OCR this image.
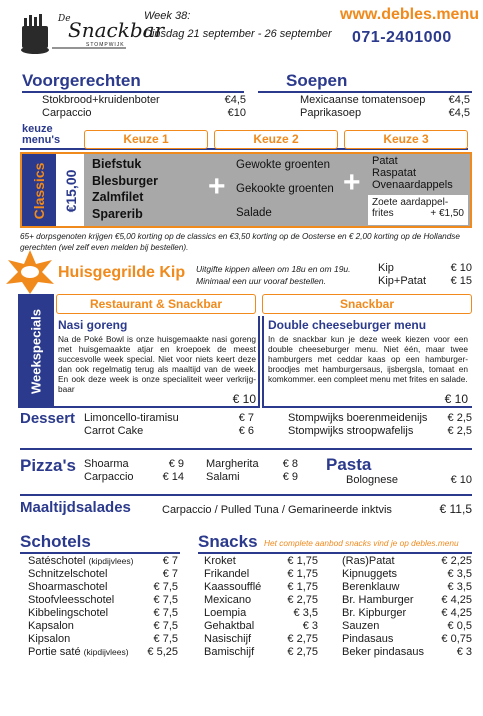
De
Snackbar
STOMPWIJK
Week 38:
Dinsdag 21 september - 26 september
www.debles.menu
071-2401000
Voorgerechten
Stokbrood+kruidenboter	€4,5
Carpaccio	€10
Soepen
Mexicaanse tomatensoep €4,5
Paprikasoep	€4,5
keuze
menu's	Keuze 1	Keuze 2	Keuze 3
Classics €15,00
Biefstuk
Blesburger
Zalmfilet
Sparerib
+
Gewokte groenten
Gekookte groenten
Salade
+
Patat
Raspatat
Ovenaardappels
Zoete aardappel-
frites	+ €1,50
65+ dorpsgenoten krijgen €5,00 korting op de classics en €3,50 korting op de Oosterse en € 2,00 korting op de Hollandse gerechten (wel zelf even melden bij bestellen).
Huisgegrilde Kip Uitgifte kippen alleen om 18u en om 19u.
Minimaal een uur vooraf bestellen.
Kip	€ 10
Kip+Patat € 15
Weekspecials
Restaurant & Snackbar	Snackbar
Nasi goreng
Na de Poké Bowl is onze huisgemaakte nasi goreng met huisgemaakte atjar en kroepoek de meest succesvolle week special. Niet voor niets keert deze dan ook regelmatig terug als maaltijd van de week. En ook deze week is onze specialiteit weer verkrijg-baar
€ 10
Double cheeseburger menu
In de snackbar kun je deze week kiezen voor een double cheeseburger menu. Niet één, maar twee hamburgers met ceddar kaas op een hamburger-broodjes met hamburgersaus, ijsbergsla, tomaat en komkommer. een compleet menu met frites en salade.
€ 10
Dessert Limoncello-tiramisu	€ 7
Carrot Cake	€ 6
Stompwijks boerenmeidenijs € 2,5
Stompwijks stroopwafelijs	€ 2,5
Pizza's Shoarma	€ 9
Carpaccio	€ 14
Margherita € 8
Salami	€ 9
Pasta
Bolognese	€ 10
Maaltijdsalades	Carpaccio / Pulled Tuna / Gemarineerde inktvis	€ 11,5
Schotels
Satéschotel (kipdijvlees)	€ 7
Schnitzelschotel	€ 7
Shoarmaschotel	€ 7,5
Stoofvleesschotel	€ 7,5
Kibbelingschotel	€ 7,5
Kapsalon	€ 7,5
Kipsalon	€ 7,5
Portie saté (kipdijvlees) € 5,25
Snacks Het complete aanbod snacks vind je op debles.menu
Kroket	€ 1,75
Frikandel	€ 1,75
Kaassoufflé € 1,75
Mexicano	€ 2,75
Loempia	€ 3,5
Gehaktbal	€ 3
Nasischijf	€ 2,75
Bamischijf	€ 2,75
(Ras)Patat	€ 2,25
Kipnuggets	€ 3,5
Berenklauw	€ 3,5
Br. Hamburger	€ 4,25
Br. Kipburger	€ 4,25
Sauzen	€ 0,5
Pindasaus	€ 0,75
Beker pindasaus	€ 3
